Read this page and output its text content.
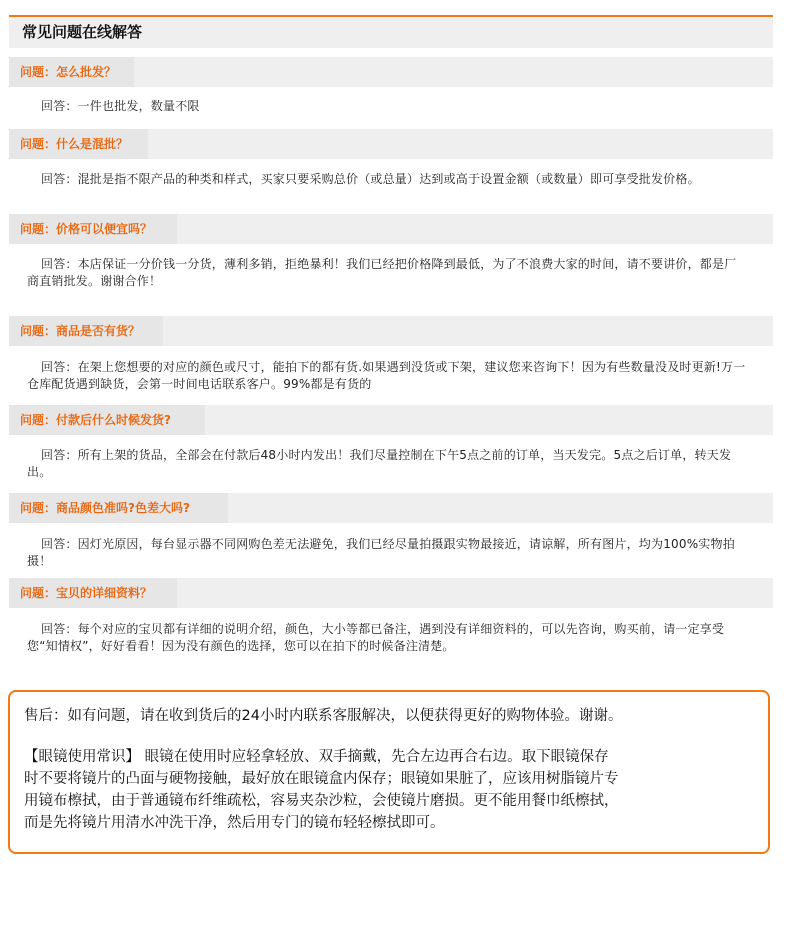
常见问题在线解答
问题：怎么批发？
回答：一件也批发，数量不限
问题：什么是混批？
回答：混批是指不限产品的种类和样式，买家只要采购总价（或总量）达到或高于设置金额（或数量）即可享受批发价格。
问题：价格可以便宜吗？
回答：本店保证一分价钱一分货，薄利多销，拒绝暴利！我们已经把价格降到最低，为了不浪费大家的时间，请不要讲价，都是厂商直销批发。谢谢合作！
问题：商品是否有货？
回答：在架上您想要的对应的颜色或尺寸，能拍下的都有货.如果遇到没货或下架，建议您来咨询下！因为有些数量没及时更新!万一仓库配货遇到缺货，会第一时间电话联系客户。99%都是有货的
问题：付款后什么时候发货?
回答：所有上架的货品，全部会在付款后48小时内发出！我们尽量控制在下午5点之前的订单，当天发完。5点之后订单，转天发出。
问题：商品颜色准吗?色差大吗?
回答：因灯光原因，每台显示器不同网购色差无法避免，我们已经尽量拍摄跟实物最接近，请谅解，所有图片，均为100%实物拍摄！
问题：宝贝的详细资料？
回答：每个对应的宝贝都有详细的说明介绍，颜色，大小等都已备注，遇到没有详细资料的，可以先咨询，购买前，请一定享受您“知情权”，好好看看！因为没有颜色的选择，您可以在拍下的时候备注清楚。
售后：如有问题，请在收到货后的24小时内联系客服解决，以便获得更好的购物体验。谢谢。
【眼镜使用常识】 眼镜在使用时应轻拿轻放、双手摘戴，先合左边再合右边。取下眼镜保存
时不要将镜片的凸面与硬物接触，最好放在眼镜盒内保存；眼镜如果脏了，应该用树脂镜片专
用镜布檫拭，由于普通镜布纤维疏松，容易夹杂沙粒，会使镜片磨损。更不能用餐巾纸檫拭，
而是先将镜片用清水冲洗干净，然后用专门的镜布轻轻檫拭即可。
